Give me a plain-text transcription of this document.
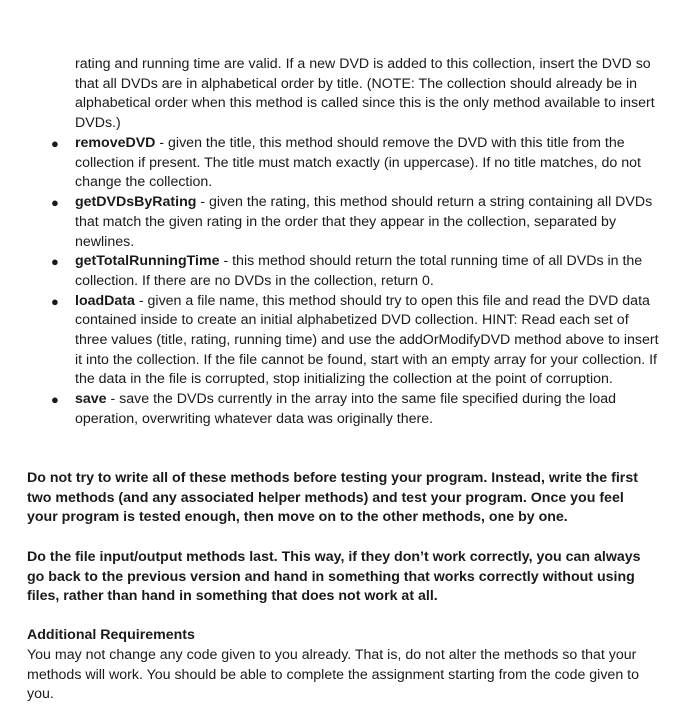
rating and running time are valid. If a new DVD is added to this collection, insert the DVD so that all DVDs are in alphabetical order by title. (NOTE: The collection should already be in alphabetical order when this method is called since this is the only method available to insert DVDs.)

● removeDVD - given the title, this method should remove the DVD with this title from the collection if present. The title must match exactly (in uppercase). If no title matches, do not change the collection.
● getDVDsByRating - given the rating, this method should return a string containing all DVDs that match the given rating in the order that they appear in the collection, separated by newlines.
● getTotalRunningTime - this method should return the total running time of all DVDs in the collection. If there are no DVDs in the collection, return 0.
● loadData - given a file name, this method should try to open this file and read the DVD data contained inside to create an initial alphabetized DVD collection. HINT: Read each set of three values (title, rating, running time) and use the addOrModifyDVD method above to insert it into the collection. If the file cannot be found, start with an empty array for your collection. If the data in the file is corrupted, stop initializing the collection at the point of corruption.
● save - save the DVDs currently in the array into the same file specified during the load operation, overwriting whatever data was originally there.

Do not try to write all of these methods before testing your program. Instead, write the first two methods (and any associated helper methods) and test your program. Once you feel your program is tested enough, then move on to the other methods, one by one.

Do the file input/output methods last. This way, if they don’t work correctly, you can always go back to the previous version and hand in something that works correctly without using files, rather than hand in something that does not work at all.

Additional Requirements

You may not change any code given to you already. That is, do not alter the methods so that your methods will work. You should be able to complete the assignment starting from the code given to you.
